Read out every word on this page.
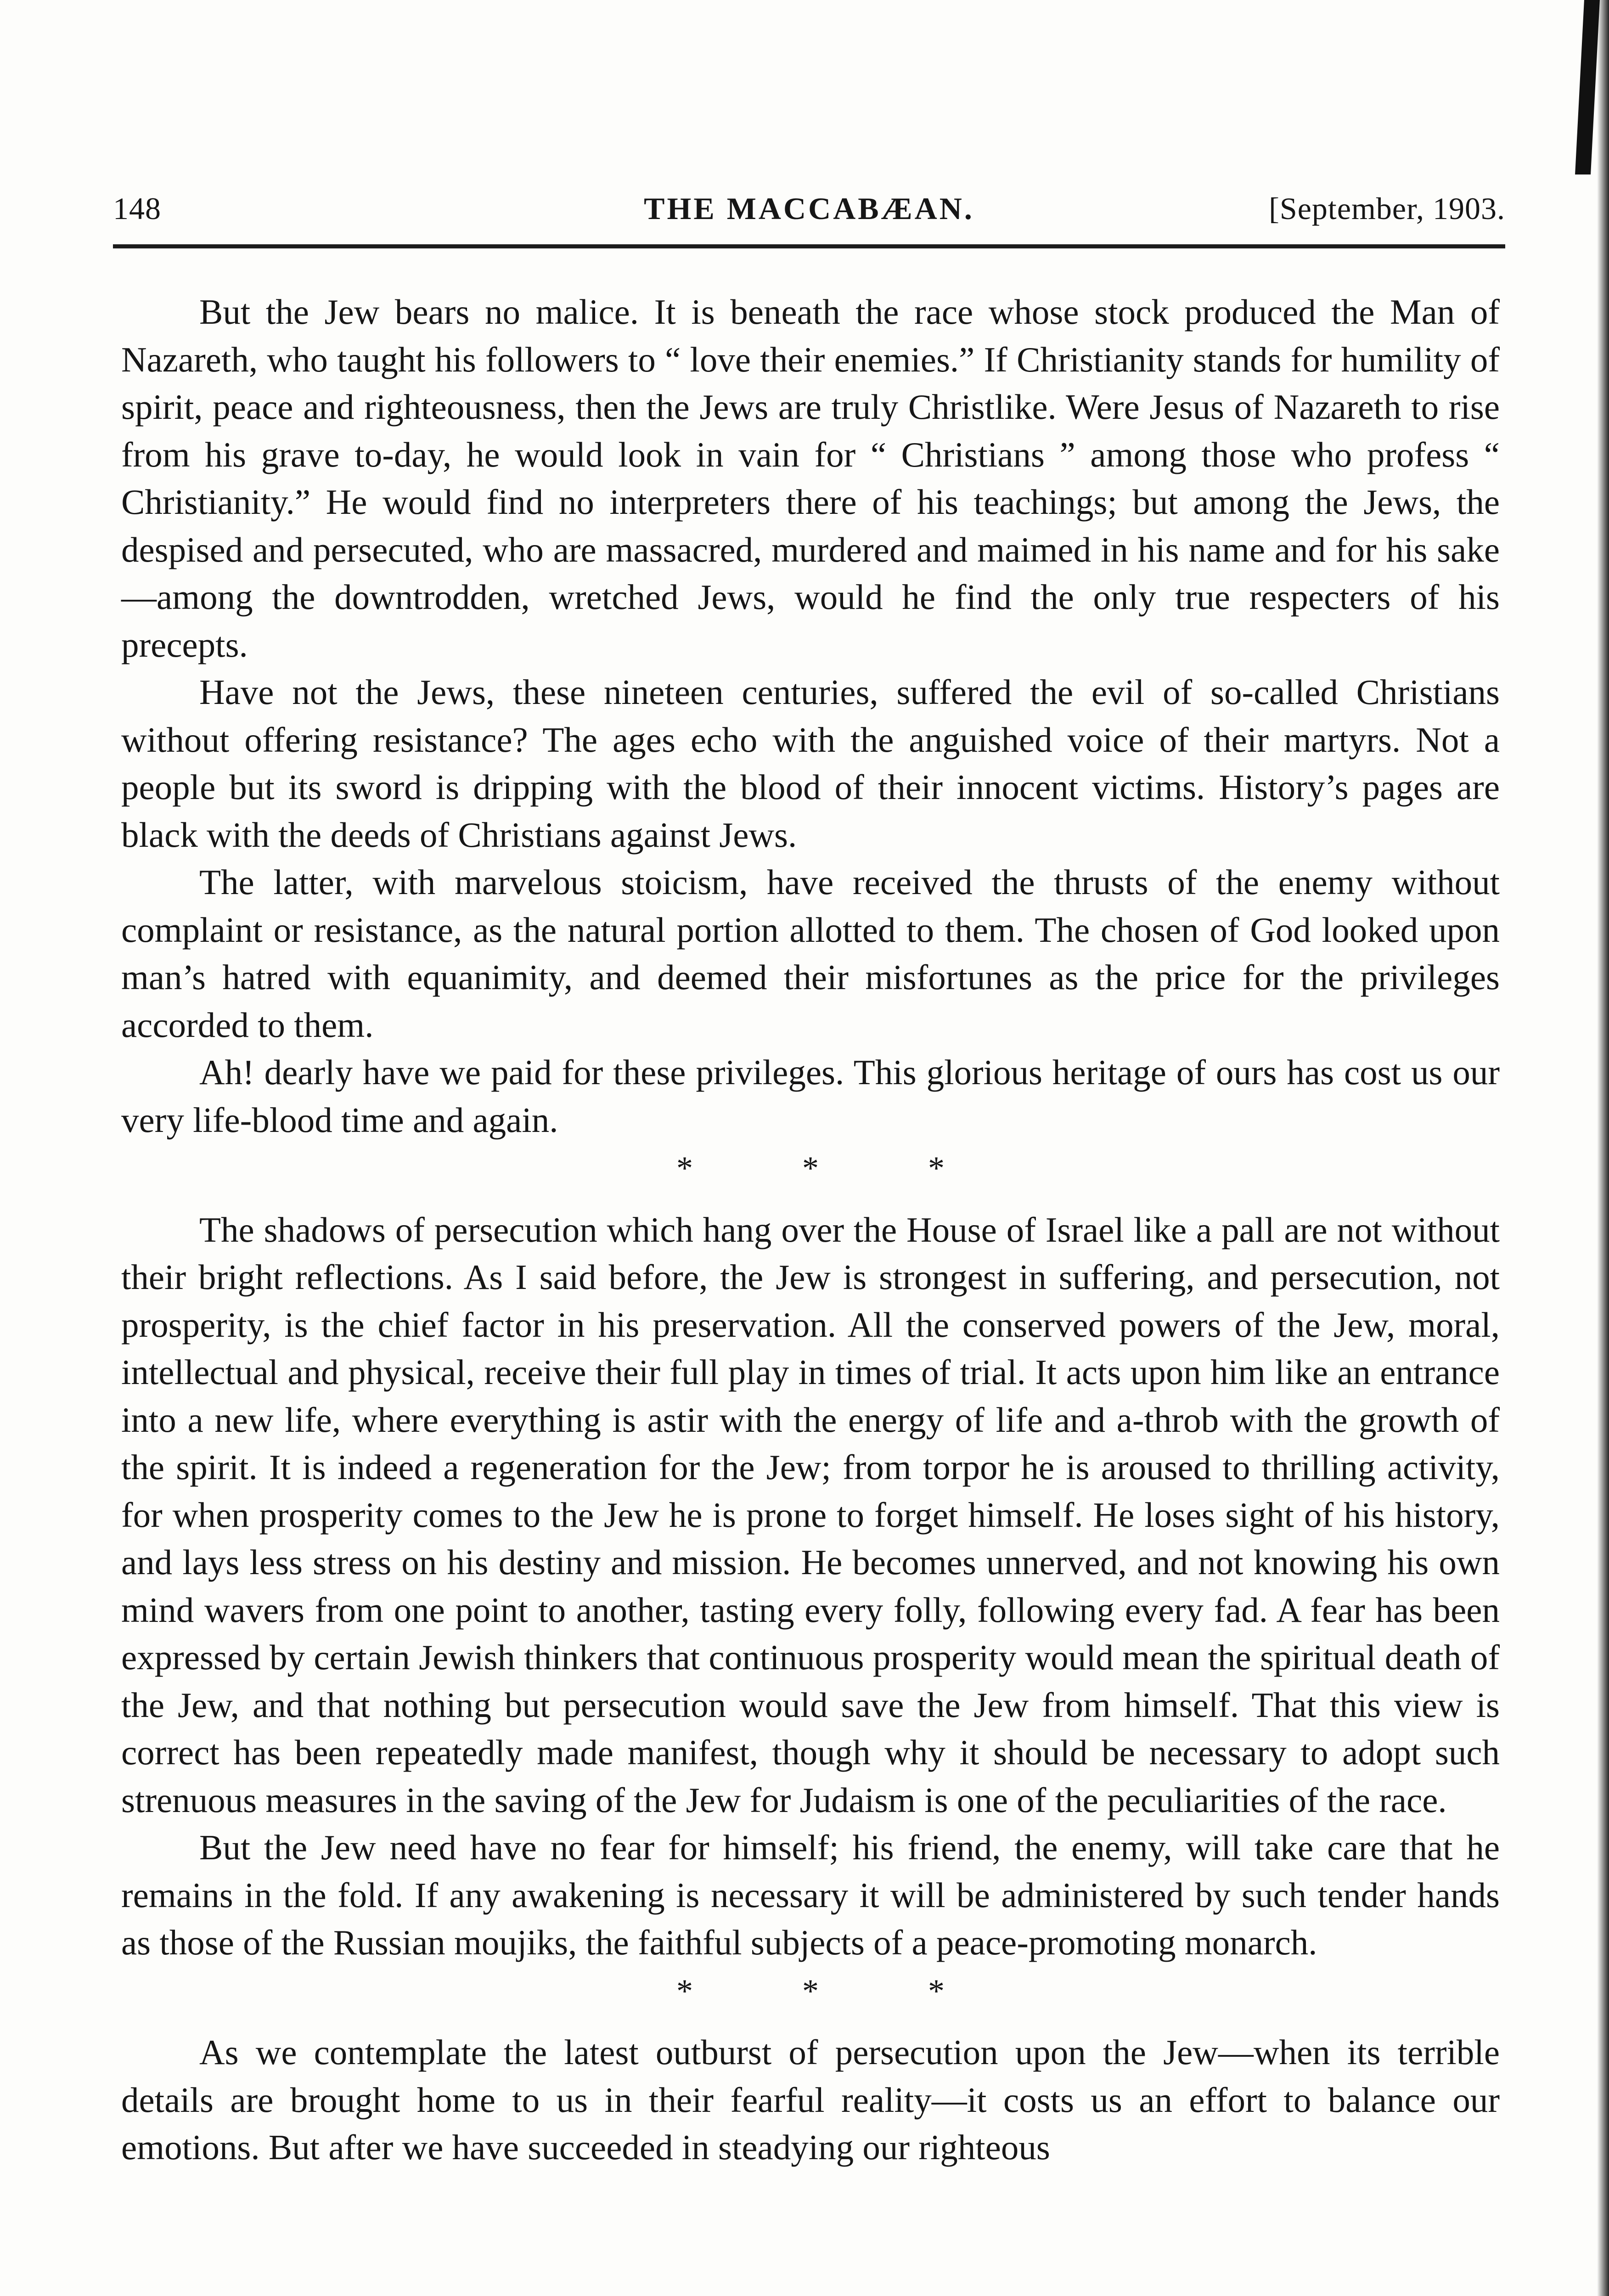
148	THE MACCABÆAN.	[September, 1903.

But the Jew bears no malice. It is beneath the race whose stock produced the Man of Nazareth, who taught his followers to “ love their enemies.” If Christianity stands for humility of spirit, peace and righteousness, then the Jews are truly Christlike. Were Jesus of Nazareth to rise from his grave to-day, he would look in vain for “ Christians ” among those who profess “ Christianity.” He would find no interpreters there of his teachings; but among the Jews, the despised and persecuted, who are massacred, murdered and maimed in his name and for his sake—among the downtrodden, wretched Jews, would he find the only true respecters of his precepts.

Have not the Jews, these nineteen centuries, suffered the evil of so-called Christians without offering resistance? The ages echo with the anguished voice of their martyrs. Not a people but its sword is dripping with the blood of their innocent victims. History’s pages are black with the deeds of Christians against Jews.

The latter, with marvelous stoicism, have received the thrusts of the enemy without complaint or resistance, as the natural portion allotted to them. The chosen of God looked upon man’s hatred with equanimity, and deemed their misfortunes as the price for the privileges accorded to them.

Ah! dearly have we paid for these privileges. This glorious heritage of ours has cost us our very life-blood time and again.

* * *

The shadows of persecution which hang over the House of Israel like a pall are not without their bright reflections. As I said before, the Jew is strongest in suffering, and persecution, not prosperity, is the chief factor in his preservation. All the conserved powers of the Jew, moral, intellectual and physical, receive their full play in times of trial. It acts upon him like an entrance into a new life, where everything is astir with the energy of life and a-throb with the growth of the spirit. It is indeed a regeneration for the Jew; from torpor he is aroused to thrilling activity, for when prosperity comes to the Jew he is prone to forget himself. He loses sight of his history, and lays less stress on his destiny and mission. He becomes unnerved, and not knowing his own mind wavers from one point to another, tasting every folly, following every fad. A fear has been expressed by certain Jewish thinkers that continuous prosperity would mean the spiritual death of the Jew, and that nothing but persecution would save the Jew from himself. That this view is correct has been repeatedly made manifest, though why it should be necessary to adopt such strenuous measures in the saving of the Jew for Judaism is one of the peculiarities of the race.

But the Jew need have no fear for himself; his friend, the enemy, will take care that he remains in the fold. If any awakening is necessary it will be administered by such tender hands as those of the Russian moujiks, the faithful subjects of a peace-promoting monarch.

* * *

As we contemplate the latest outburst of persecution upon the Jew—when its terrible details are brought home to us in their fearful reality—it costs us an effort to balance our emotions. But after we have succeeded in steadying our righteous
